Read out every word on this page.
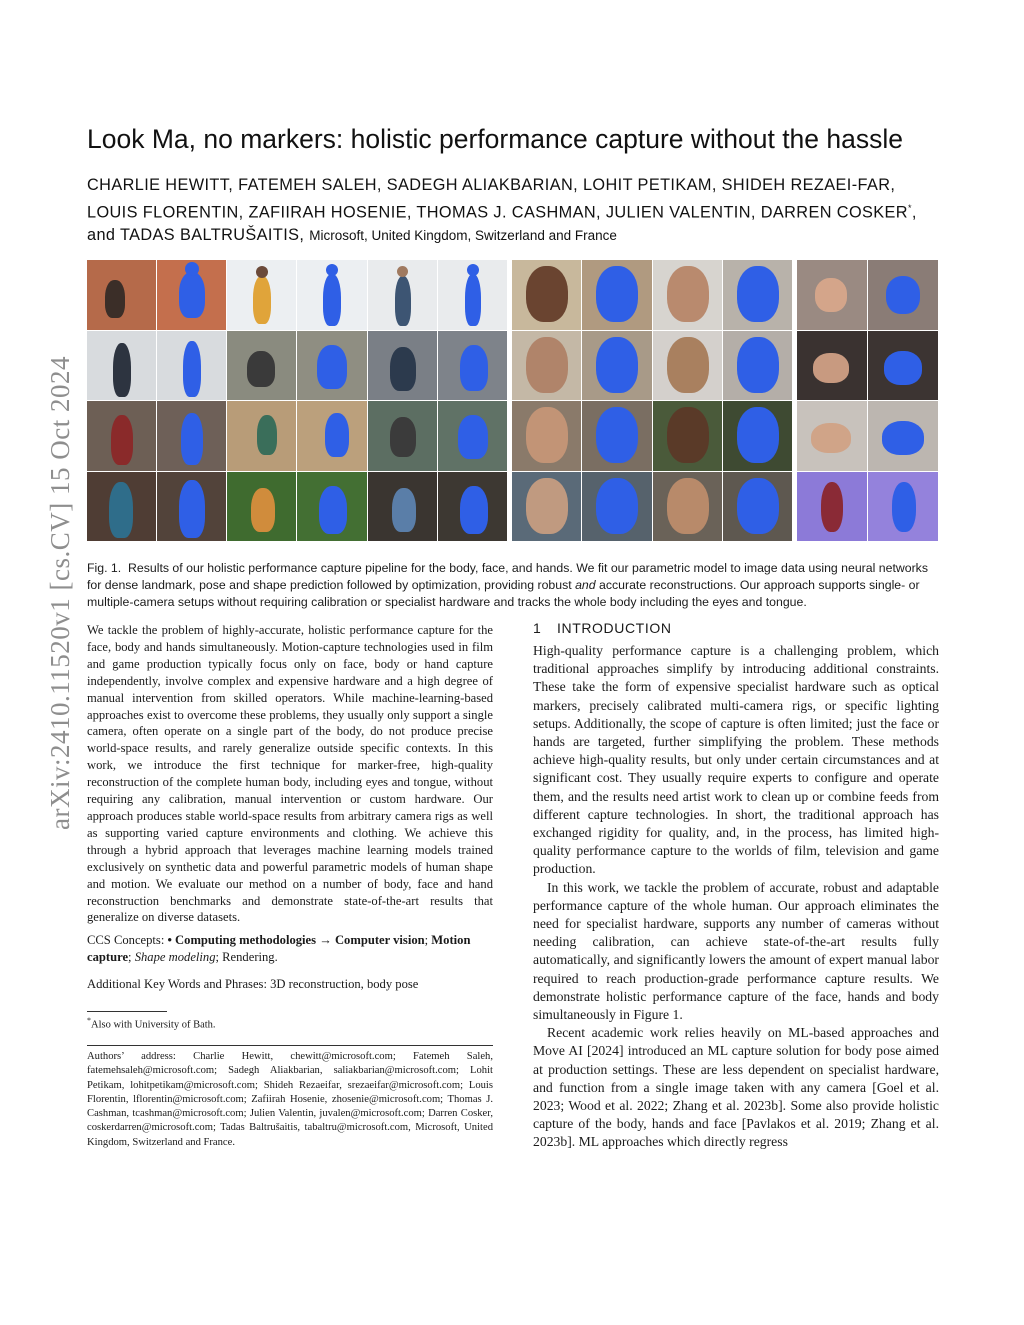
arXiv:2410.11520v1 [cs.CV] 15 Oct 2024
Look Ma, no markers: holistic performance capture without the hassle
CHARLIE HEWITT, FATEMEH SALEH, SADEGH ALIAKBARIAN, LOHIT PETIKAM, SHIDEH REZAEI-FAR, LOUIS FLORENTIN, ZAFIIRAH HOSENIE, THOMAS J. CASHMAN, JULIEN VALENTIN, DARREN COSKER*, and TADAS BALTRUŠAITIS, Microsoft, United Kingdom, Switzerland and France
Fig. 1. Results of our holistic performance capture pipeline for the body, face, and hands. We fit our parametric model to image data using neural networks for dense landmark, pose and shape prediction followed by optimization, providing robust and accurate reconstructions. Our approach supports single- or multiple-camera setups without requiring calibration or specialist hardware and tracks the whole body including the eyes and tongue.
We tackle the problem of highly-accurate, holistic performance capture for the face, body and hands simultaneously. Motion-capture technologies used in film and game production typically focus only on face, body or hand capture independently, involve complex and expensive hardware and a high degree of manual intervention from skilled operators. While machine-learning-based approaches exist to overcome these problems, they usually only support a single camera, often operate on a single part of the body, do not produce precise world-space results, and rarely generalize outside specific contexts. In this work, we introduce the first technique for marker-free, high-quality reconstruction of the complete human body, including eyes and tongue, without requiring any calibration, manual intervention or custom hardware. Our approach produces stable world-space results from arbitrary camera rigs as well as supporting varied capture environments and clothing. We achieve this through a hybrid approach that leverages machine learning models trained exclusively on synthetic data and powerful parametric models of human shape and motion. We evaluate our method on a number of body, face and hand reconstruction benchmarks and demonstrate state-of-the-art results that generalize on diverse datasets.
CCS Concepts: • Computing methodologies → Computer vision; Motion capture; Shape modeling; Rendering.
Additional Key Words and Phrases: 3D reconstruction, body pose
*Also with University of Bath.
Authors’ address: Charlie Hewitt, chewitt@microsoft.com; Fatemeh Saleh, fatemehsaleh@microsoft.com; Sadegh Aliakbarian, saliakbarian@microsoft.com; Lohit Petikam, lohitpetikam@microsoft.com; Shideh Rezaeifar, srezaeifar@microsoft.com; Louis Florentin, lflorentin@microsoft.com; Zafiirah Hosenie, zhosenie@microsoft.com; Thomas J. Cashman, tcashman@microsoft.com; Julien Valentin, juvalen@microsoft.com; Darren Cosker, coskerdarren@microsoft.com; Tadas Baltrušaitis, tabaltru@microsoft.com, Microsoft, United Kingdom, Switzerland and France.
1 INTRODUCTION

High-quality performance capture is a challenging problem, which traditional approaches simplify by introducing additional constraints. These take the form of expensive specialist hardware such as optical markers, precisely calibrated multi-camera rigs, or specific lighting setups. Additionally, the scope of capture is often limited; just the face or hands are targeted, further simplifying the problem. These methods achieve high-quality results, but only under certain circumstances and at significant cost. They usually require experts to configure and operate them, and the results need artist work to clean up or combine feeds from different capture technologies. In short, the traditional approach has exchanged rigidity for quality, and, in the process, has limited high-quality performance capture to the worlds of film, television and game production.

In this work, we tackle the problem of accurate, robust and adaptable performance capture of the whole human. Our approach eliminates the need for specialist hardware, supports any number of cameras without needing calibration, can achieve state-of-the-art results fully automatically, and significantly lowers the amount of expert manual labor required to reach production-grade performance capture results. We demonstrate holistic performance capture of the face, hands and body simultaneously in Figure 1.

Recent academic work relies heavily on ML-based approaches and Move AI [2024] introduced an ML capture solution for body pose aimed at production settings. These are less dependent on specialist hardware, and function from a single image taken with any camera [Goel et al. 2023; Wood et al. 2022; Zhang et al. 2023b]. Some also provide holistic capture of the body, hands and face [Pavlakos et al. 2019; Zhang et al. 2023b]. ML approaches which directly regress
